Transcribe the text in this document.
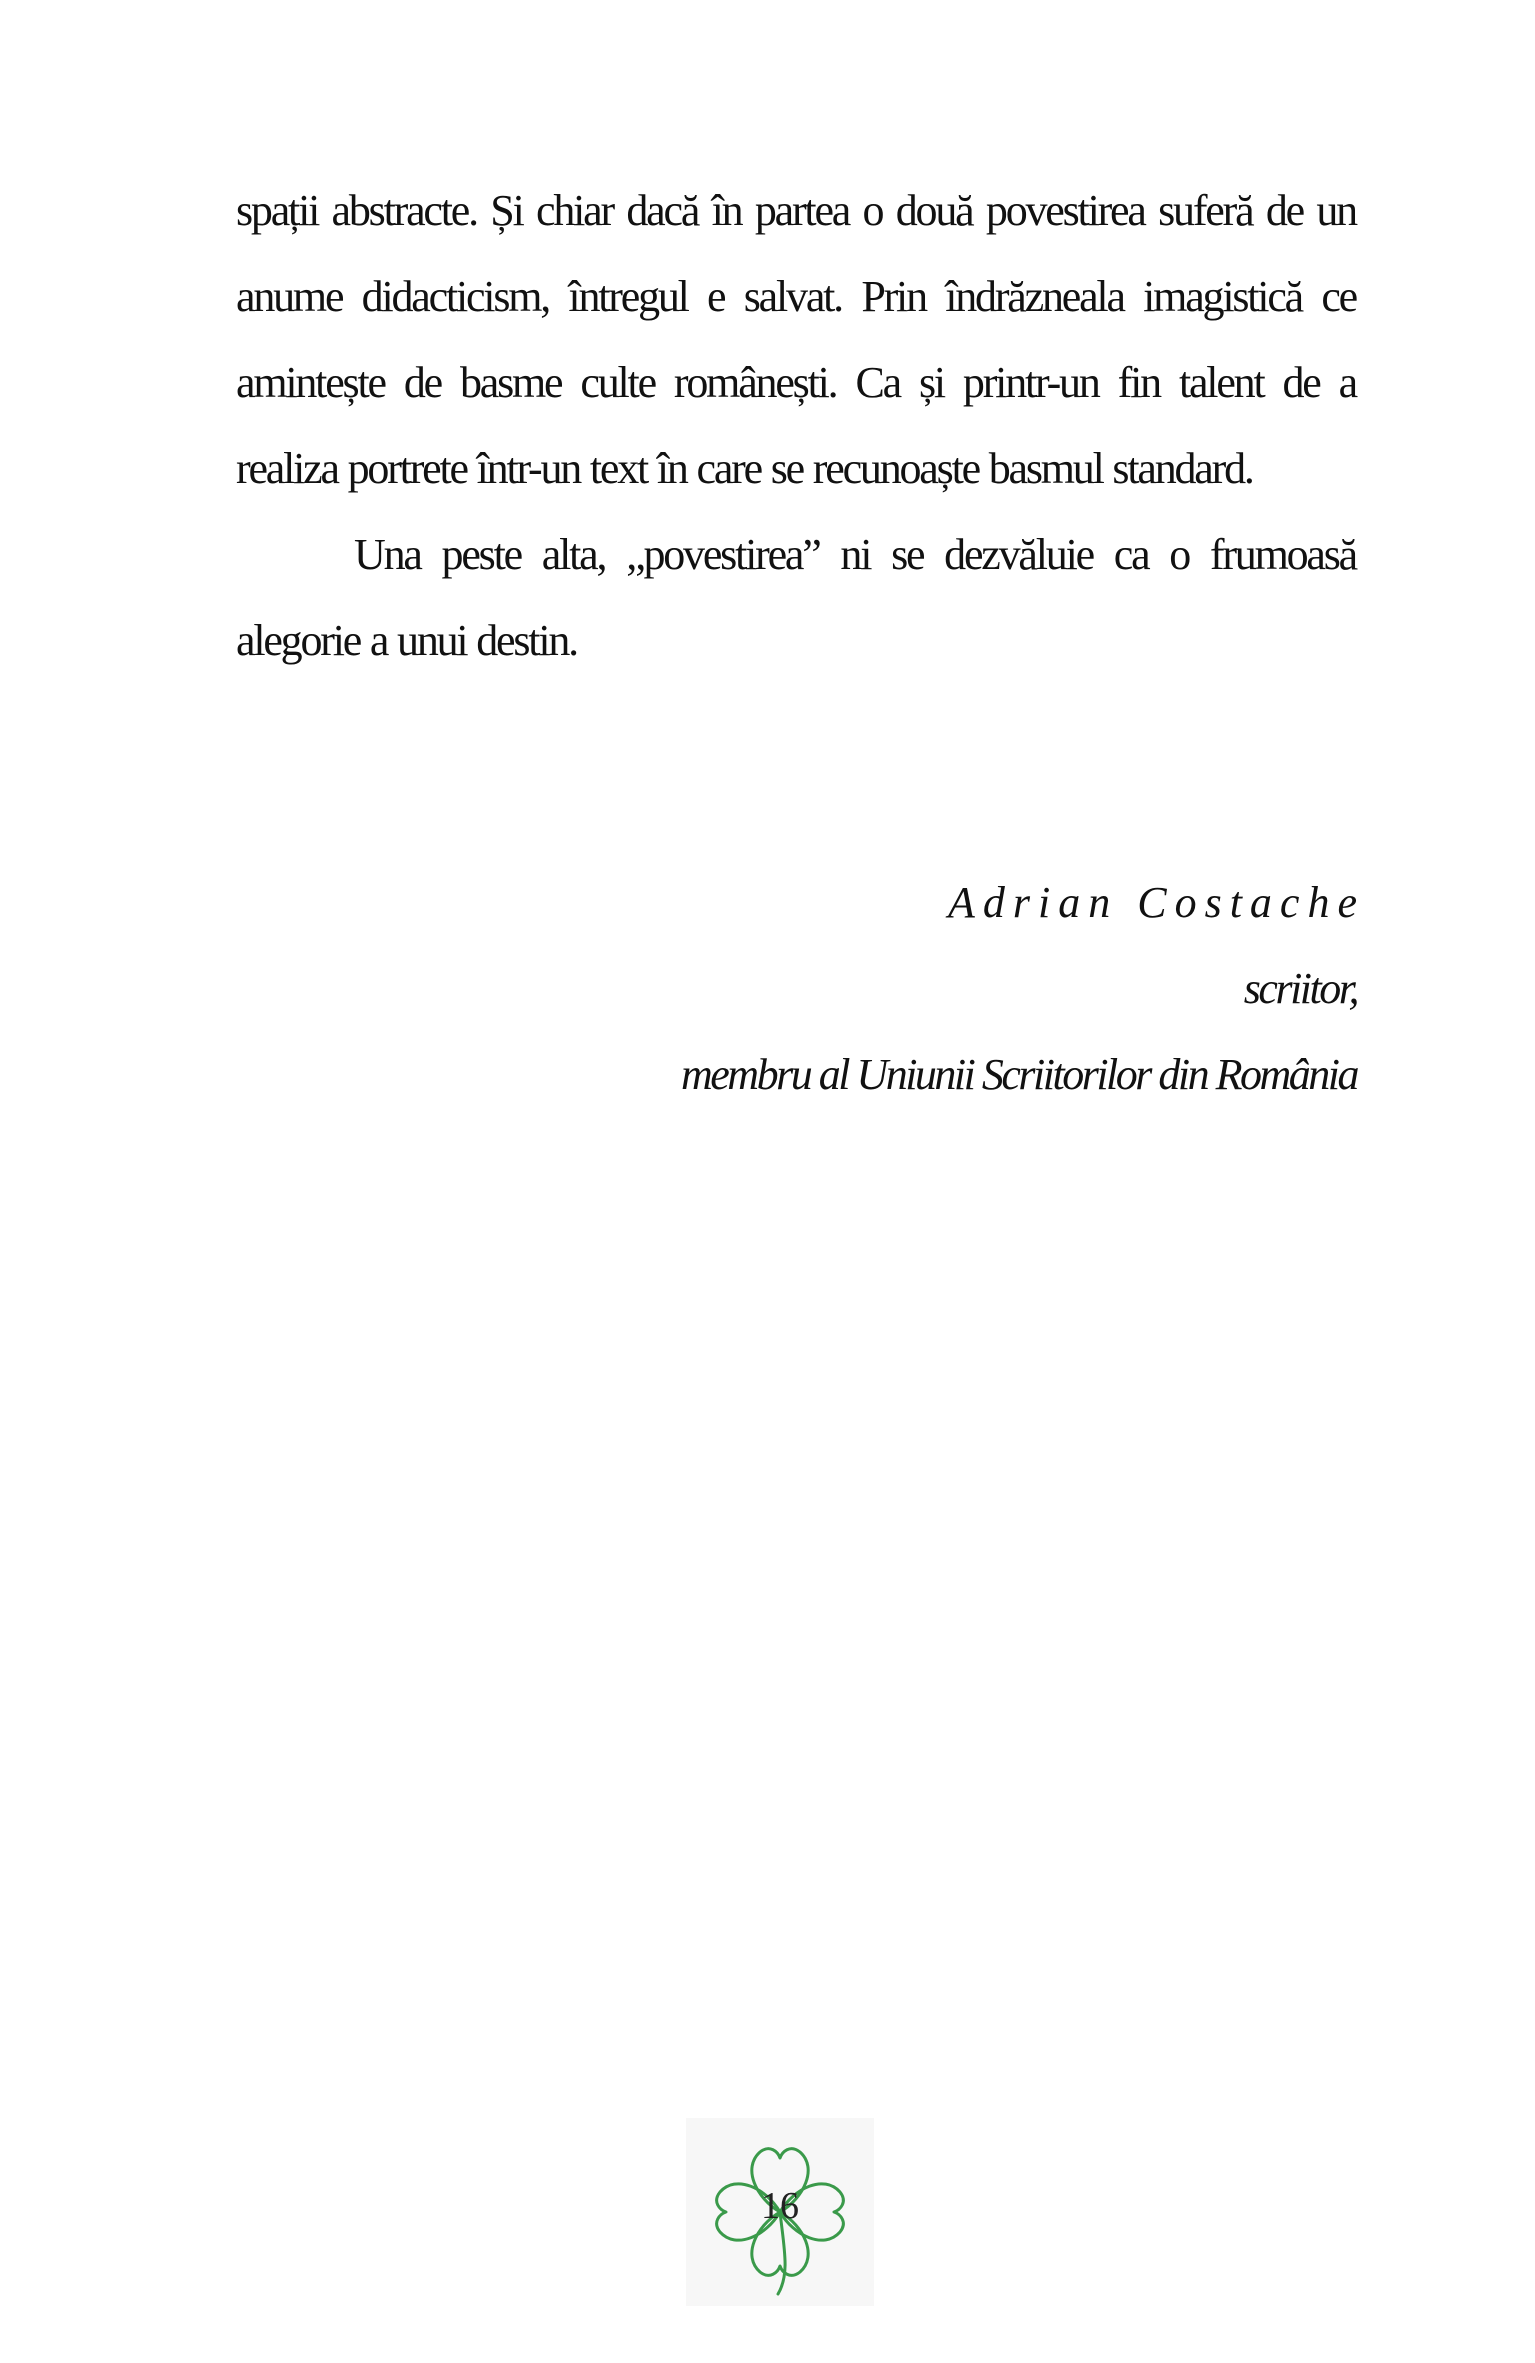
spații abstracte. Și chiar dacă în partea o două povestirea suferă de un anume didacticism, întregul e salvat. Prin îndrăzneala imagistică ce amintește de basme culte românești. Ca și printr-un fin talent de a realiza portrete într-un text în care se recunoaște basmul standard.

Una peste alta, „povestirea” ni se dezvăluie ca o frumoasă alegorie a unui destin.

Adrian Costache
scriitor,
membru al Uniunii Scriitorilor din România
16
